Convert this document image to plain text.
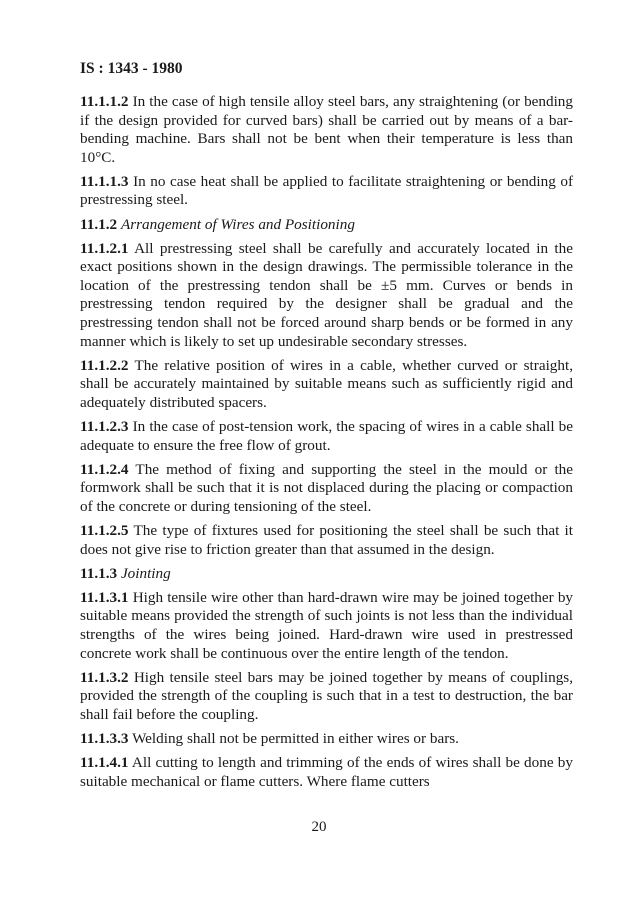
IS : 1343 - 1980

11.1.1.2 In the case of high tensile alloy steel bars, any straightening (or bending if the design provided for curved bars) shall be carried out by means of a bar-bending machine. Bars shall not be bent when their temperature is less than 10°C.

11.1.1.3 In no case heat shall be applied to facilitate straightening or bending of prestressing steel.

11.1.2 Arrangement of Wires and Positioning

11.1.2.1 All prestressing steel shall be carefully and accurately located in the exact positions shown in the design drawings. The permissible tolerance in the location of the prestressing tendon shall be ±5 mm. Curves or bends in prestressing tendon required by the designer shall be gradual and the prestressing tendon shall not be forced around sharp bends or be formed in any manner which is likely to set up undesirable secondary stresses.

11.1.2.2 The relative position of wires in a cable, whether curved or straight, shall be accurately maintained by suitable means such as sufficiently rigid and adequately distributed spacers.

11.1.2.3 In the case of post-tension work, the spacing of wires in a cable shall be adequate to ensure the free flow of grout.

11.1.2.4 The method of fixing and supporting the steel in the mould or the formwork shall be such that it is not displaced during the placing or compaction of the concrete or during tensioning of the steel.

11.1.2.5 The type of fixtures used for positioning the steel shall be such that it does not give rise to friction greater than that assumed in the design.

11.1.3 Jointing

11.1.3.1 High tensile wire other than hard-drawn wire may be joined together by suitable means provided the strength of such joints is not less than the individual strengths of the wires being joined. Hard-drawn wire used in prestressed concrete work shall be continuous over the entire length of the tendon.

11.1.3.2 High tensile steel bars may be joined together by means of couplings, provided the strength of the coupling is such that in a test to destruction, the bar shall fail before the coupling.

11.1.3.3 Welding shall not be permitted in either wires or bars.

11.1.4.1 All cutting to length and trimming of the ends of wires shall be done by suitable mechanical or flame cutters. Where flame cutters

20
